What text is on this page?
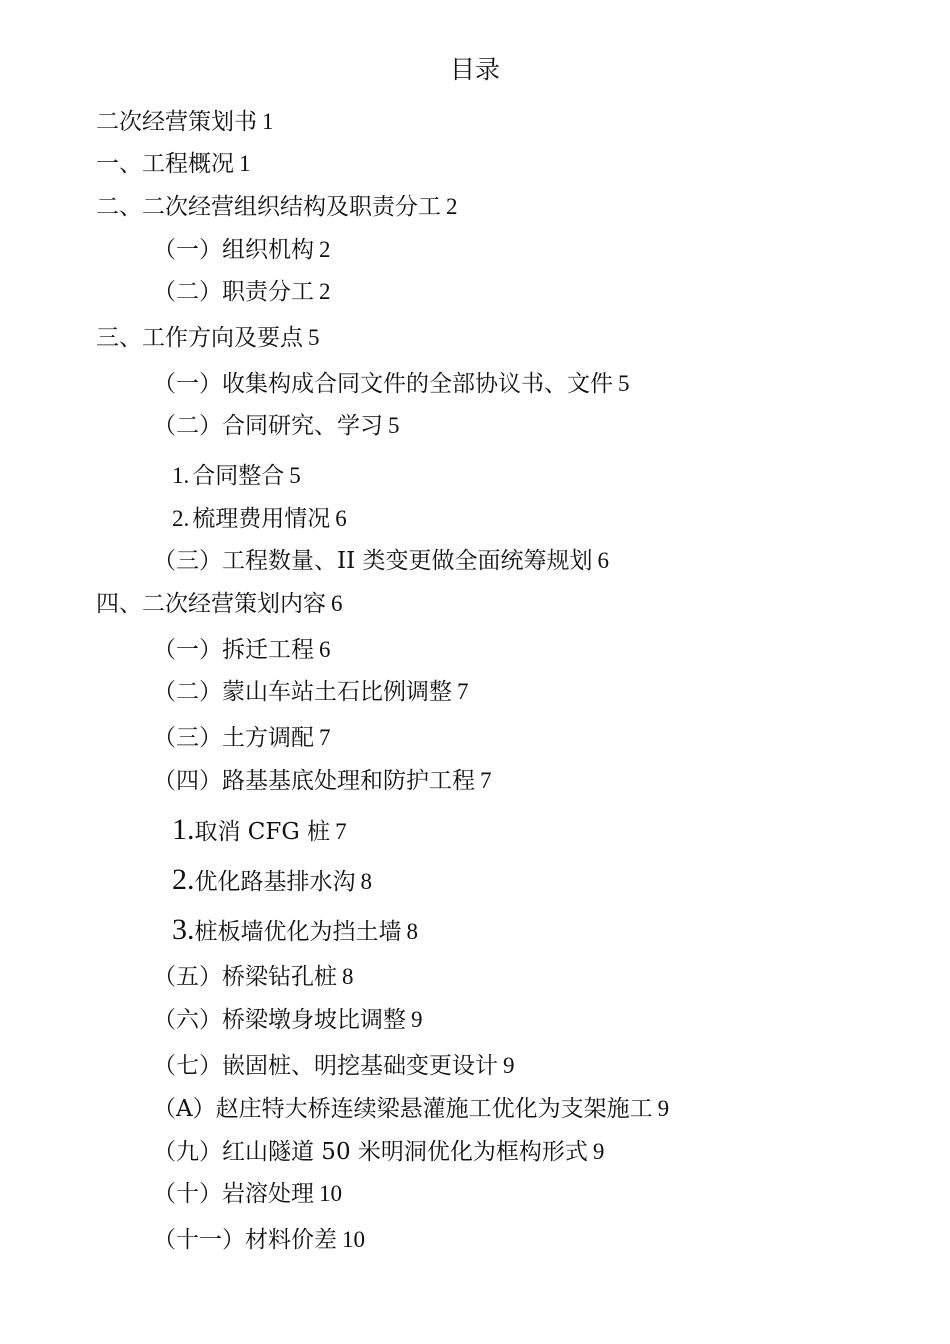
目录
二次经营策划书 1
一、工程概况 1
二、二次经营组织结构及职责分工 2
（一）组织机构 2
（二）职责分工 2
三、工作方向及要点 5
（一）收集构成合同文件的全部协议书、文件 5
（二）合同研究、学习 5
1. 合同整合 5
2. 梳理费用情况 6
（三）工程数量、II 类变更做全面统筹规划 6
四、二次经营策划内容 6
（一）拆迁工程 6
（二）蒙山车站土石比例调整 7
（三）土方调配 7
（四）路基基底处理和防护工程 7
1.取消 CFG 桩 7
2.优化路基排水沟 8
3.桩板墙优化为挡土墙 8
（五）桥梁钻孔桩 8
（六）桥梁墩身坡比调整 9
（七）嵌固桩、明挖基础变更设计 9
（A）赵庄特大桥连续梁悬灌施工优化为支架施工 9
（九）红山隧道 50 米明洞优化为框构形式 9
（十）岩溶处理 10
（十一）材料价差 10
